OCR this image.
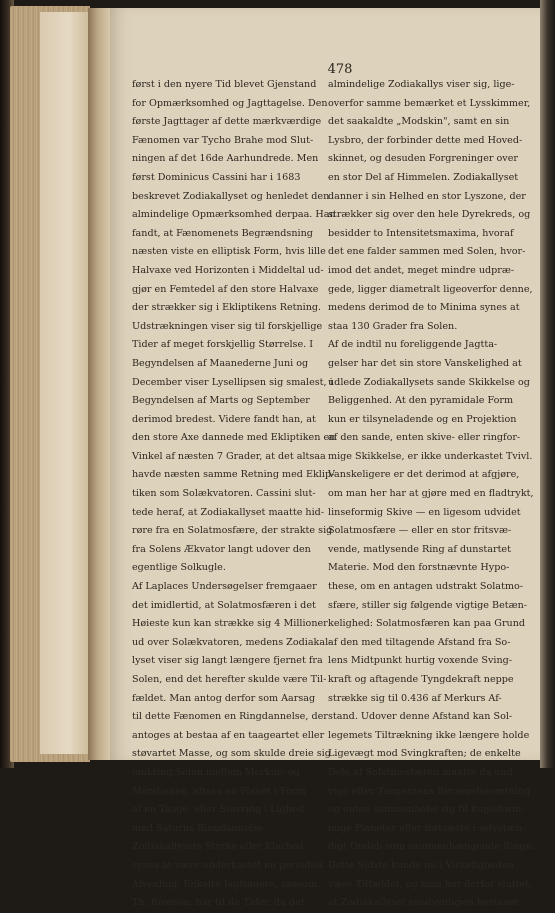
478
først i den nyere Tid blevet Gjenstand
for Opmærksomhed og Jagttagelse. Den
første Jagttager af dette mærkværdige
Fænomen var Tycho Brahe mod Slut-
ningen af det 16de Aarhundrede. Men
først Dominicus Cassini har i 1683
beskrevet Zodiakallyset og henledet den
almindelige Opmærksomhed derpaa. Han
fandt, at Fænomenets Begrændsning
næsten viste en elliptisk Form, hvis lille
Halvaxe ved Horizonten i Middeltal ud-
gjør en Femtedel af den store Halvaxe
der strækker sig i Ekliptikens Retning.
Udstrækningen viser sig til forskjellige
Tider af meget forskjellig Størrelse. I
Begyndelsen af Maanederne Juni og
December viser Lysellipsen sig smalest, i
Begyndelsen af Marts og September
derimod bredest. Videre fandt han, at
den store Axe dannede med Ekliptiken en
Vinkel af næsten 7 Grader, at det altsaa
havde næsten samme Retning med Eklip-
tiken som Solækvatoren. Cassini slut-
tede heraf, at Zodiakallyset maatte hid-
røre fra en Solatmosfære, der strakte sig
fra Solens Ækvator langt udover den
egentlige Solkugle.
Af Laplaces Undersøgelser fremgaaer
det imidlertid, at Solatmosfæren i det
Høieste kun kan strække sig 4 Millioner
ud over Solækvatoren, medens Zodiakal-
lyset viser sig langt længere fjernet fra
Solen, end det herefter skulde være Til-
fældet. Man antog derfor som Aarsag
til dette Fænomen en Ringdannelse, der
antoges at bestaa af en taageartet eller
støvartet Masse, og som skulde dreie sig
omkring Solen mellem Merkur- og
Marsbanen, altsaa en Planet i Form
af en Taage, eller Støvring i Lighed
med Saturns Ringdannelse.
Zodiakallysets Styrke eller Klarhed
synes at være underkastet en periodisk
Afvexling. Enkelte Jagttagere, saasom
Th. Brorson, har til de Tider, da det
almindelige Zodiakallys viser sig, lige-
overfor samme bemærket et Lysskimmer,
det saakaldte „Modskin", samt en sin
Lysbro, der forbinder dette med Hoved-
skinnet, og desuden Forgreninger over
en stor Del af Himmelen. Zodiakallyset
danner i sin Helhed en stor Lyszone, der
strækker sig over den hele Dyrekreds, og
besidder to Intensitetsmaxima, hvoraf
det ene falder sammen med Solen, hvor-
imod det andet, meget mindre udpræ-
gede, ligger diametralt ligeoverfor denne,
medens derimod de to Minima synes at
staa 130 Grader fra Solen.
Af de indtil nu foreliggende Jagtta-
gelser har det sin store Vanskelighed at
udlede Zodiakallysets sande Skikkelse og
Beliggenhed. At den pyramidale Form
kun er tilsyneladende og en Projektion
af den sande, enten skive- eller ringfor-
mige Skikkelse, er ikke underkastet Tvivl.
Vanskeligere er det derimod at afgjøre,
om man her har at gjøre med en fladtrykt,
linseformig Skive — en ligesom udvidet
Solatmosfære — eller en stor fritsvæ-
vende, matlysende Ring af dunstartet
Materie. Mod den forstnævnte Hypo-
these, om en antagen udstrakt Solatmo-
sfære, stiller sig følgende vigtige Betæn-
kelighed: Solatmosfæren kan paa Grund
af den med tiltagende Afstand fra So-
lens Midtpunkt hurtig voxende Sving-
kraft og aftagende Tyngdekraft neppe
strække sig til 0.436 af Merkurs Af-
stand. Udover denne Afstand kan Sol-
legemets Tiltrækning ikke længere holde
Ligevægt mod Svingkraften; de enkelte
Dele af Solatmosfæren maatte da und-
vige efter Tangentens Bevægelsesretning
og enten sammenhobe sig til kugleform-
mige Planeter eller fortsætte i selvstæn-
digt Omløb som sammenhængende Ringe.
Dette Sidste kunde nu i Virkeligheden
være Tilfældet, og man har derfor sluttet,
at Zodiakallyset sandsynligvis bestaaer
